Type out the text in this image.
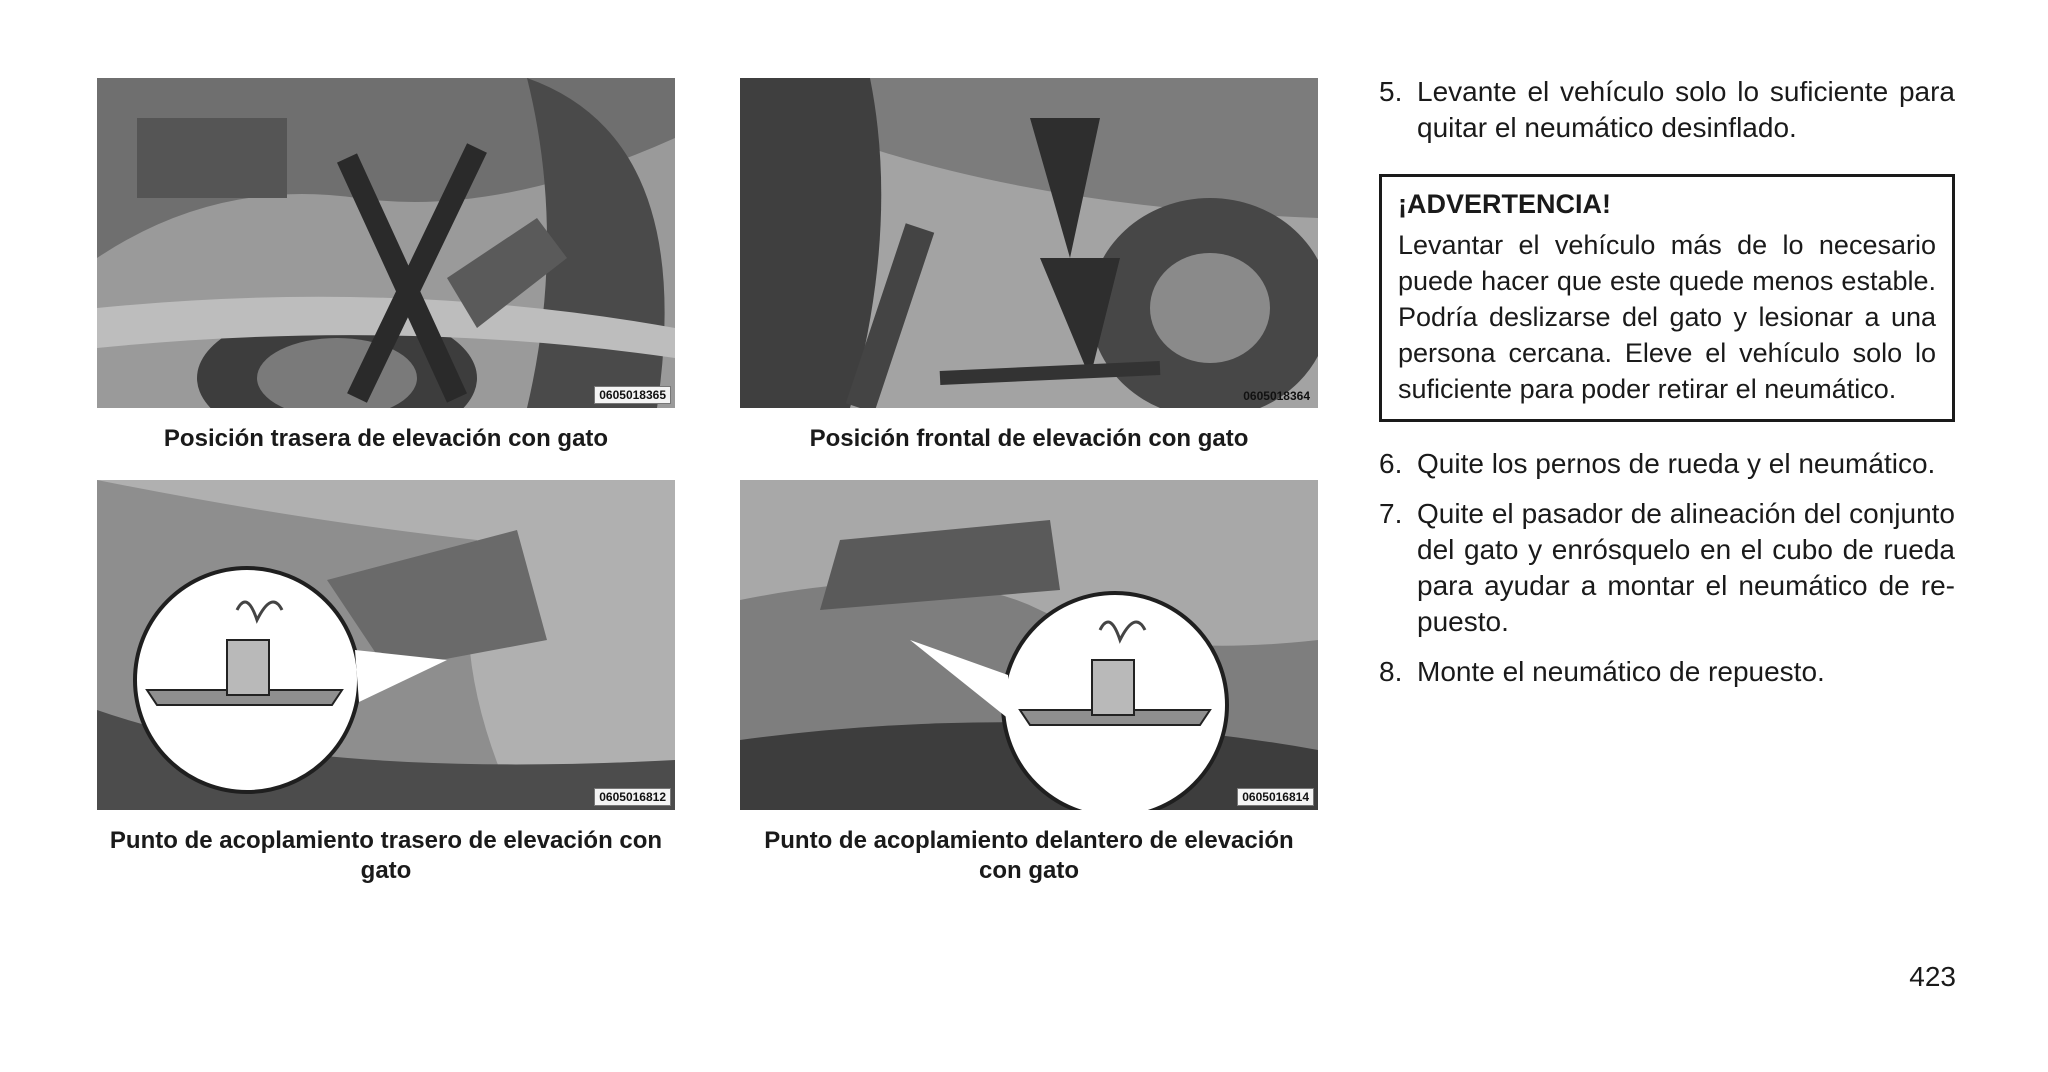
0605018365
Posición trasera de elevación con gato
0605018364
Posición frontal de elevación con gato
0605016812
Punto de acoplamiento trasero de elevación con gato
0605016814
Punto de acoplamiento delantero de elevación con gato
5. Levante el vehículo solo lo suficiente para quitar el neumático desinflado.
¡ADVERTENCIA!
Levantar el vehículo más de lo necesario puede hacer que este quede menos estable. Podría deslizarse del gato y lesionar a una persona cercana. Eleve el vehículo solo lo suficiente para poder retirar el neumático.
6. Quite los pernos de rueda y el neumático.
7. Quite el pasador de alineación del conjunto del gato y enrósquelo en el cubo de rueda para ayudar a montar el neumático de re-puesto.
8. Monte el neumático de repuesto.
423
